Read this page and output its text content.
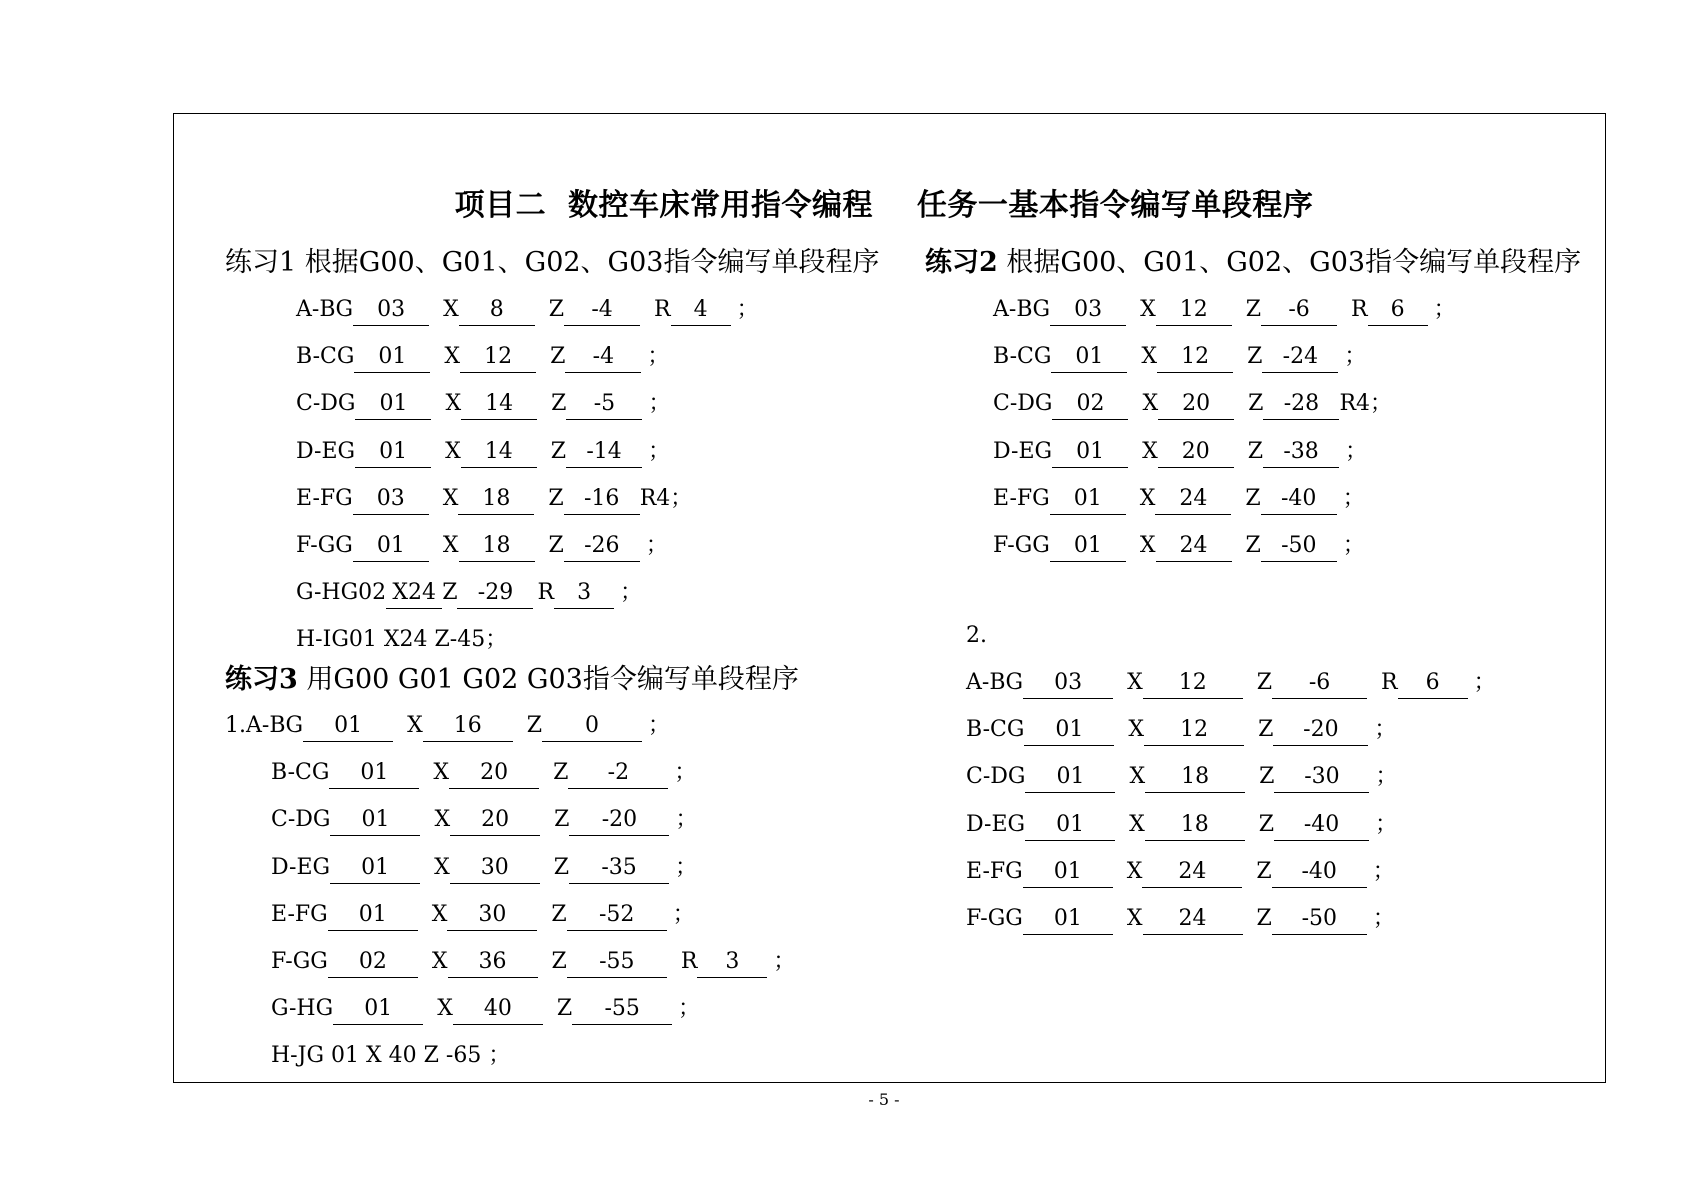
项目二  数控车床常用指令编程    任务一基本指令编写单段程序
练习1 根据G00、G01、G02、G03指令编写单段程序 练习2 根据G00、G01、G02、G03指令编写单段程序
练习3 用G00 G01 G02 G03指令编写单段程序
A-BG 03 X 8 Z -4 R 4 ；
B-CG 01 X 12 Z -4 ；
C-DG 01 X 14 Z -5 ；
D-EG 01 X 14 Z -14 ；
E-FG 03 X 18 Z -16 R4；
F-GG 01 X 18 Z -26 ；
G-HG02X24 Z -29 R 3 ；
H-IG01 X24 Z-45；
A-BG 03 X 12 Z -6 R 6 ；
B-CG 01 X 12 Z -24 ；
C-DG 02 X 20 Z -28 R4；
D-EG 01 X 20 Z -38 ；
E-FG 01 X 24 Z -40 ；
F-GG 01 X 24 Z -50 ；
1.A-BG 01 X 16 Z 0 ；
B-CG 01 X 20 Z -2 ；
C-DG 01 X 20 Z -20 ；
D-EG 01 X 30 Z -35 ；
E-FG 01 X 30 Z -52 ；
F-GG 02 X 36 Z -55 R 3 ；
G-HG 01 X 40 Z -55 ；
H-JG 01 X 40 Z -65 ；
2.
A-BG 03 X 12 Z -6 R 6 ；
B-CG 01 X 12 Z -20 ；
C-DG 01 X 18 Z -30 ；
D-EG 01 X 18 Z -40 ；
E-FG 01 X 24 Z -40 ；
F-GG 01 X 24 Z -50 ；
- 5 -
